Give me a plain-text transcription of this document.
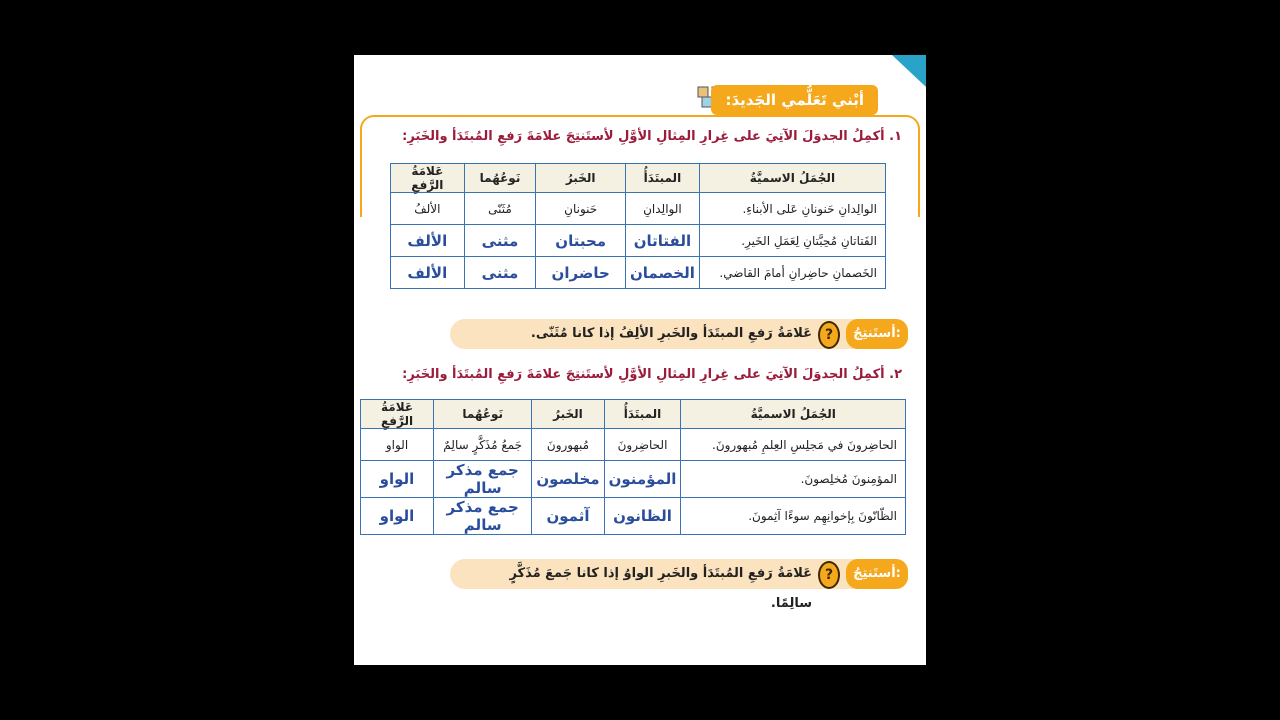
أبْني تَعَلُّمي الجَديدَ:
١. أكمِلُ الجدوَلَ الآتِيَ على غِرارِ المِثالِ الأوَّلِ لأستَنتِجَ علامَةَ رَفعِ المُبتَدَأ والخَبَرِ:
الجُمَلُ الاسميَّةُ	المبتَدَأُ	الخَبرُ	نَوعُهُما	عَلامَةُ الرَّفعِ
الوالِدانِ حَنونانِ عَلى الأبناءِ.	الوالِدانِ	حَنونانِ	مُثَنّى	الألفُ
الفَتاتانِ مُحِبَّتانِ لِعَمَلِ الخَيرِ.	الفتاتان	محبتان	مثنى	الألف
الخَصمانِ حاضِرانِ أمامَ القاضي.	الخصمان	حاضران	مثنى	الألف
أستَنتِجُ:
?
عَلامَةُ رَفعِ المبتَدَأ والخَبرِ الألِفُ إذا كانا مُثَنّى.
٢. أكمِلُ الجدوَلَ الآتِيَ على غِرارِ المِثالِ الأوَّلِ لأستَنتِجَ علامَةَ رَفعِ المُبتَدَأ والخَبَرِ:
الجُمَلُ الاسميَّةُ	المبتَدَأُ	الخَبرُ	نَوعُهُما	عَلامَةُ الرَّفعِ
الحاضِرونَ في مَجلِسِ العِلمِ مُبهورونَ.	الحاضِرونَ	مُبهورونَ	جَمعُ مُذَكَّرٍ سالِمٌ	الواو
المؤمِنونَ مُخلِصونَ.	المؤمنون	مخلصون	جمع مذكر سالم	الواو
الظّانّونَ بِإخوانِهِم سوءًا آثِمونَ.	الظانون	آثمون	جمع مذكر سالم	الواو
أستَنتِجُ:
?
عَلامَةُ رَفعِ المُبتَدَأ والخَبرِ الواوُ إذا كانا جَمعَ مُذَكَّرٍ سالِمًا.
